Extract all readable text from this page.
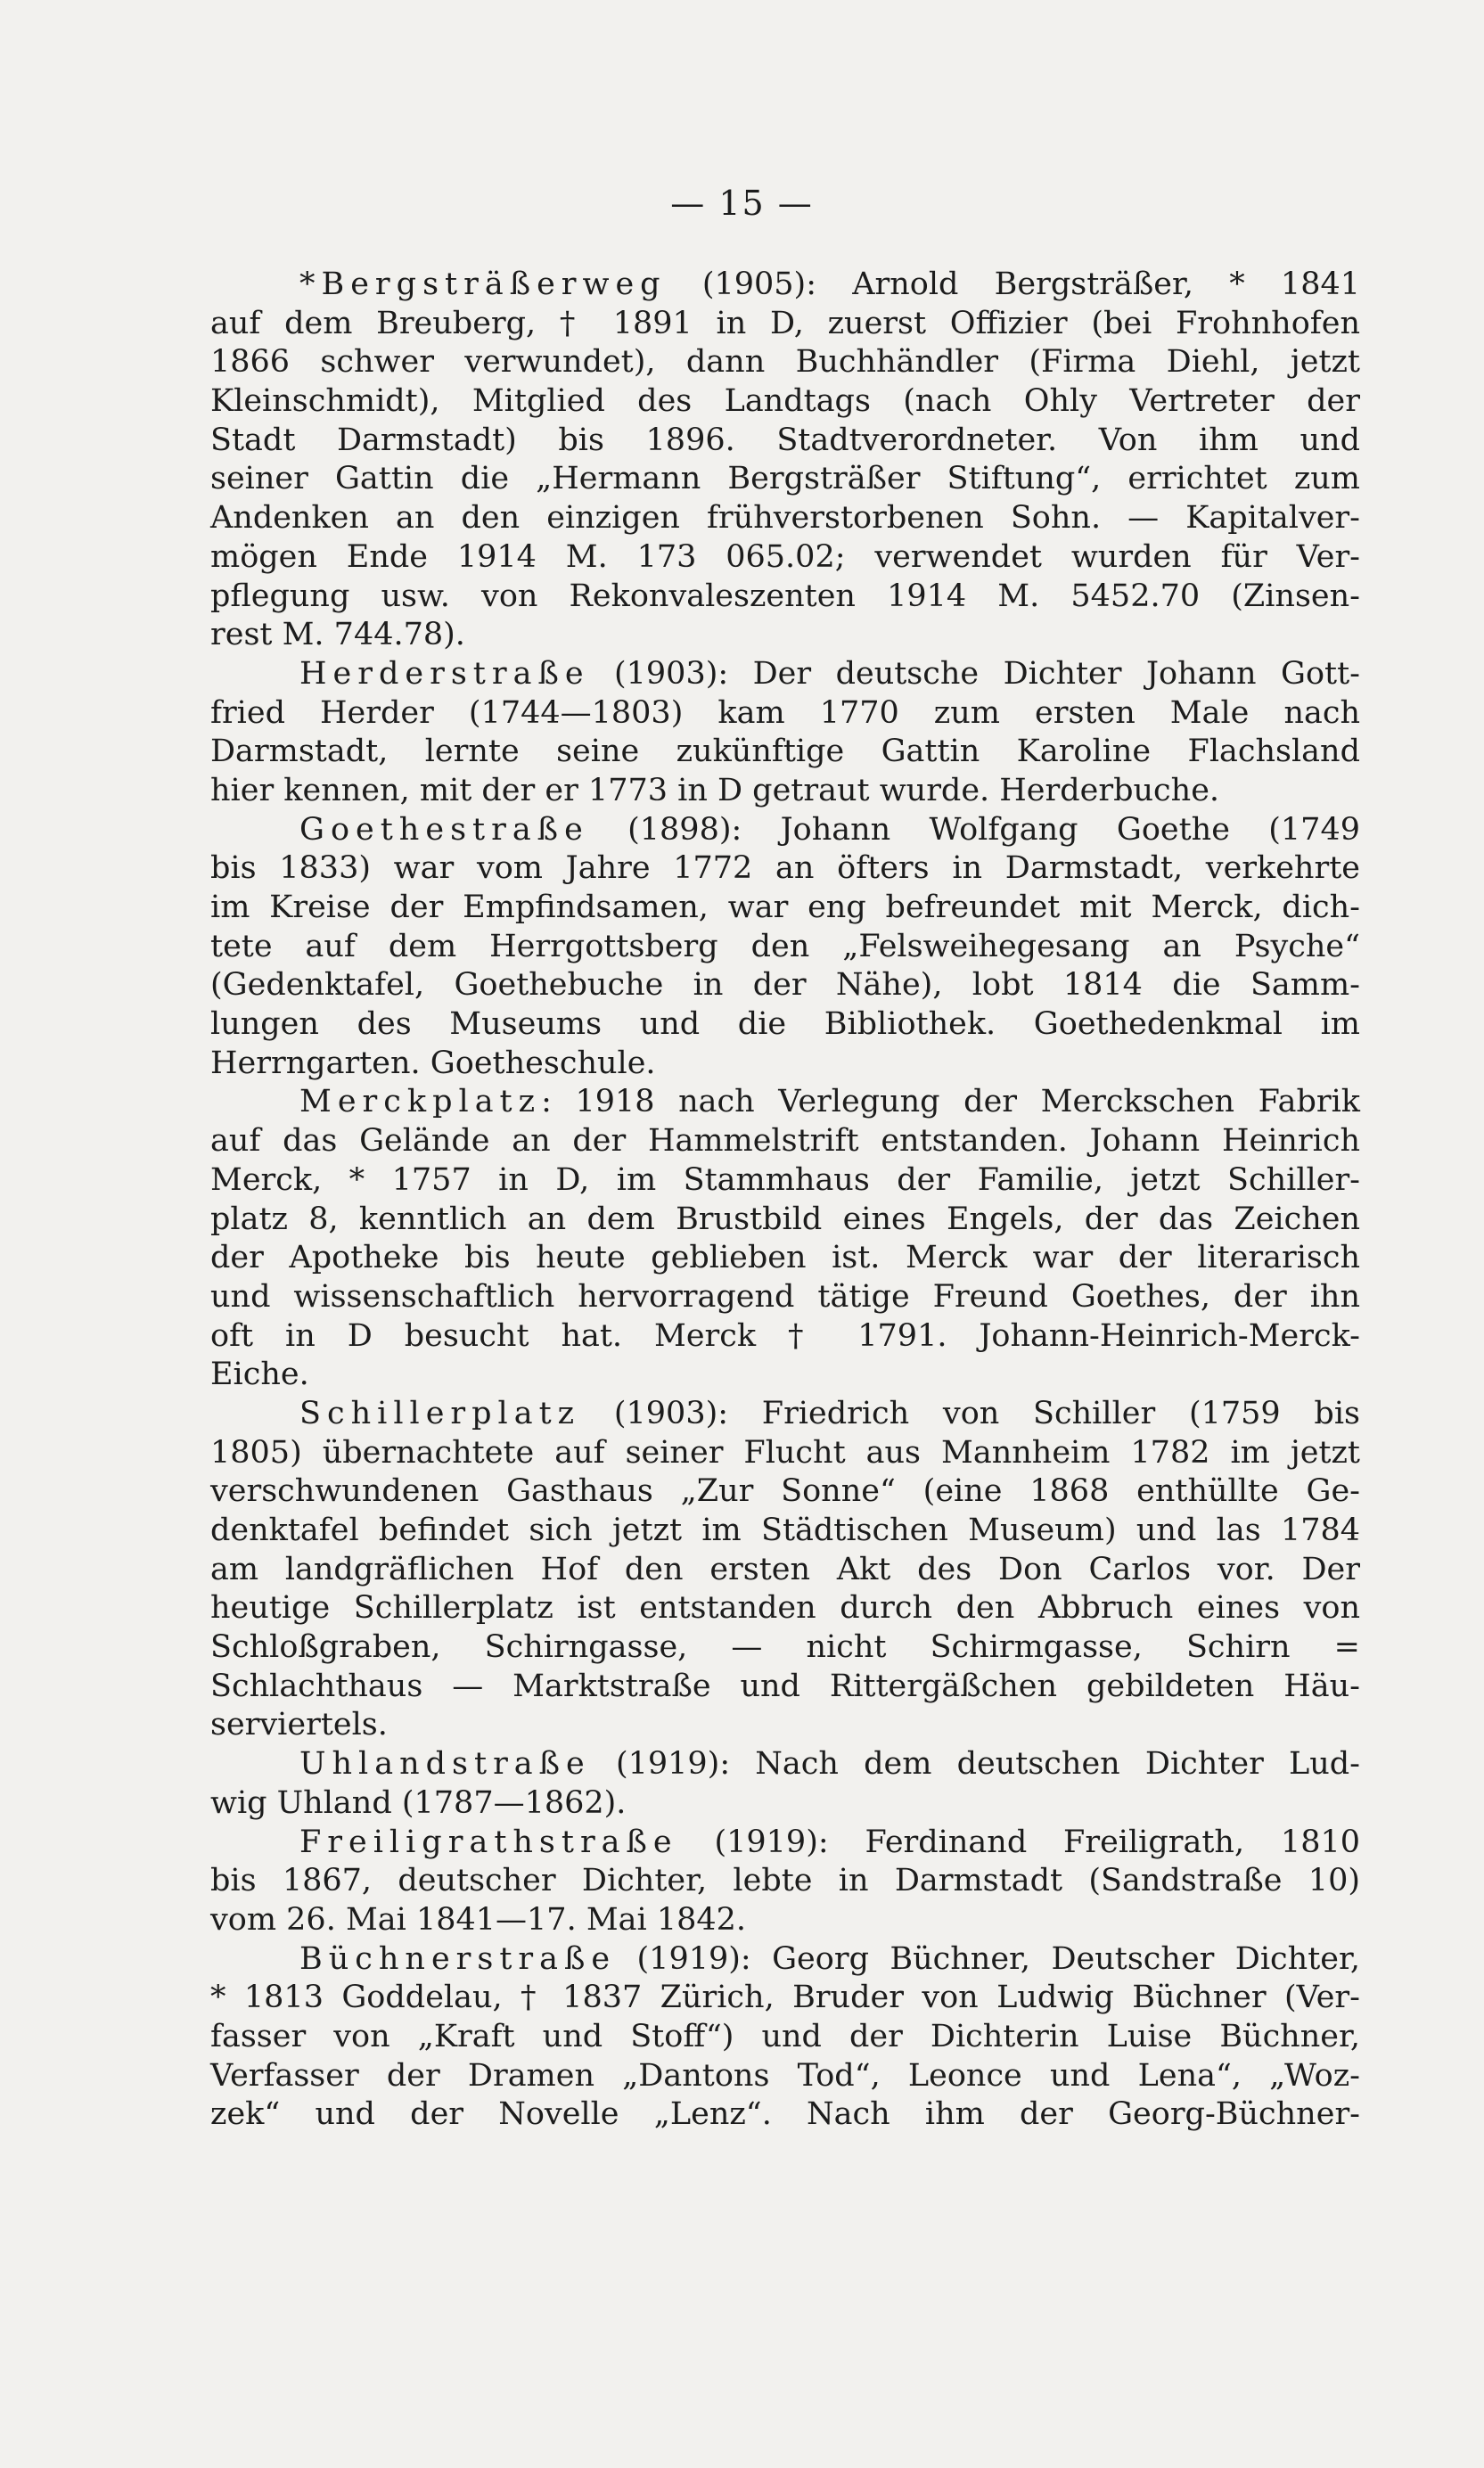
— 15 —
*Bergsträßerweg (1905): Arnold Bergsträßer, * 1841
auf dem Breuberg, † 1891 in D, zuerst Offizier (bei Frohnhofen
1866 schwer verwundet), dann Buchhändler (Firma Diehl, jetzt
Kleinschmidt), Mitglied des Landtags (nach Ohly Vertreter der
Stadt Darmstadt) bis 1896. Stadtverordneter. Von ihm und
seiner Gattin die „Hermann Bergsträßer Stiftung“, errichtet zum
Andenken an den einzigen frühverstorbenen Sohn. — Kapitalver-
mögen Ende 1914 M. 173 065.02; verwendet wurden für Ver-
pflegung usw. von Rekonvaleszenten 1914 M. 5452.70 (Zinsen-
rest M. 744.78).
Herderstraße (1903): Der deutsche Dichter Johann Gott-
fried Herder (1744—1803) kam 1770 zum ersten Male nach
Darmstadt, lernte seine zukünftige Gattin Karoline Flachsland
hier kennen, mit der er 1773 in D getraut wurde. Herderbuche.
Goethestraße (1898): Johann Wolfgang Goethe (1749
bis 1833) war vom Jahre 1772 an öfters in Darmstadt, verkehrte
im Kreise der Empfindsamen, war eng befreundet mit Merck, dich-
tete auf dem Herrgottsberg den „Felsweihegesang an Psyche“
(Gedenktafel, Goethebuche in der Nähe), lobt 1814 die Samm-
lungen des Museums und die Bibliothek. Goethedenkmal im
Herrngarten. Goetheschule.
Merckplatz: 1918 nach Verlegung der Merckschen Fabrik
auf das Gelände an der Hammelstrift entstanden. Johann Heinrich
Merck, * 1757 in D, im Stammhaus der Familie, jetzt Schiller-
platz 8, kenntlich an dem Brustbild eines Engels, der das Zeichen
der Apotheke bis heute geblieben ist. Merck war der literarisch
und wissenschaftlich hervorragend tätige Freund Goethes, der ihn
oft in D besucht hat. Merck † 1791. Johann-Heinrich-Merck-
Eiche.
Schillerplatz (1903): Friedrich von Schiller (1759 bis
1805) übernachtete auf seiner Flucht aus Mannheim 1782 im jetzt
verschwundenen Gasthaus „Zur Sonne“ (eine 1868 enthüllte Ge-
denktafel befindet sich jetzt im Städtischen Museum) und las 1784
am landgräflichen Hof den ersten Akt des Don Carlos vor. Der
heutige Schillerplatz ist entstanden durch den Abbruch eines von
Schloßgraben, Schirngasse, — nicht Schirmgasse, Schirn =
Schlachthaus — Marktstraße und Rittergäßchen gebildeten Häu-
serviertels.
Uhlandstraße (1919): Nach dem deutschen Dichter Lud-
wig Uhland (1787—1862).
Freiligrathstraße (1919): Ferdinand Freiligrath, 1810
bis 1867, deutscher Dichter, lebte in Darmstadt (Sandstraße 10)
vom 26. Mai 1841—17. Mai 1842.
Büchnerstraße (1919): Georg Büchner, Deutscher Dichter,
* 1813 Goddelau, † 1837 Zürich, Bruder von Ludwig Büchner (Ver-
fasser von „Kraft und Stoff“) und der Dichterin Luise Büchner,
Verfasser der Dramen „Dantons Tod“, Leonce und Lena“, „Woz-
zek“ und der Novelle „Lenz“. Nach ihm der Georg-Büchner-
